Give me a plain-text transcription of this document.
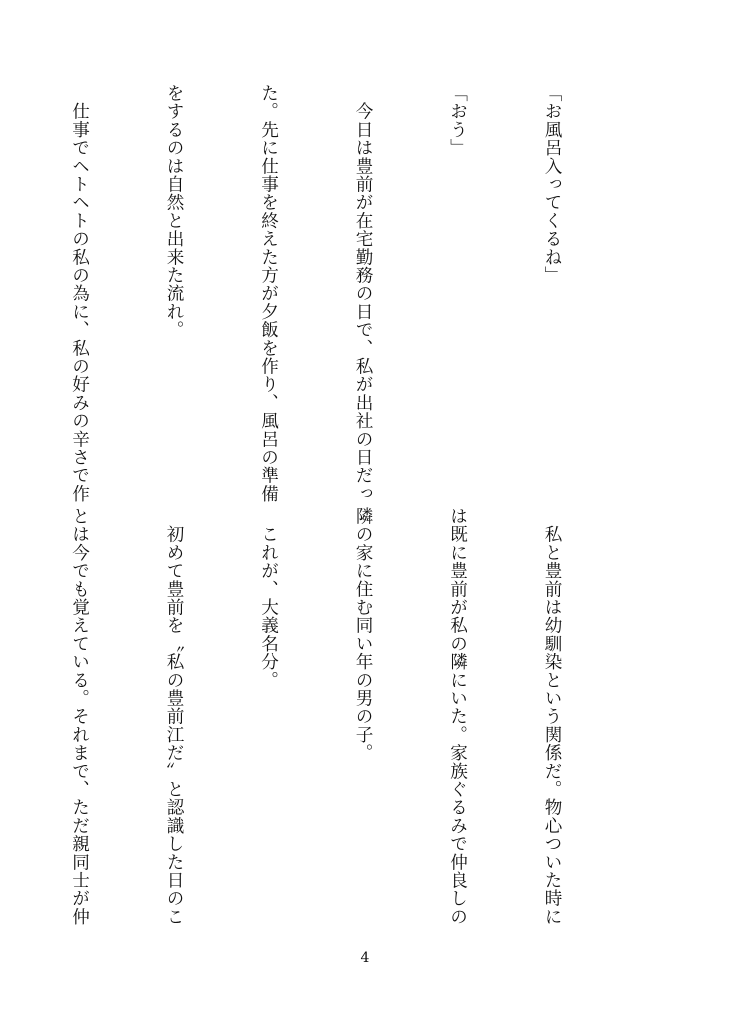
「お風呂入ってくるね」

「おう」

　今日は豊前が在宅勤務の日で、私が出社の日だっ

た。先に仕事を終えた方が夕飯を作り、風呂の準備

をするのは自然と出来た流れ。

　仕事でヘトヘトの私の為に、私の好みの辛さで作

　私と豊前は幼馴染という関係だ。物心ついた時に

は既に豊前が私の隣にいた。家族ぐるみで仲良しの

隣の家に住む同い年の男の子。

　これが、大義名分。

　初めて豊前を〝私の豊前江だ〟と認識した日のこ

とは今でも覚えている。それまで、ただ親同士が仲

4
